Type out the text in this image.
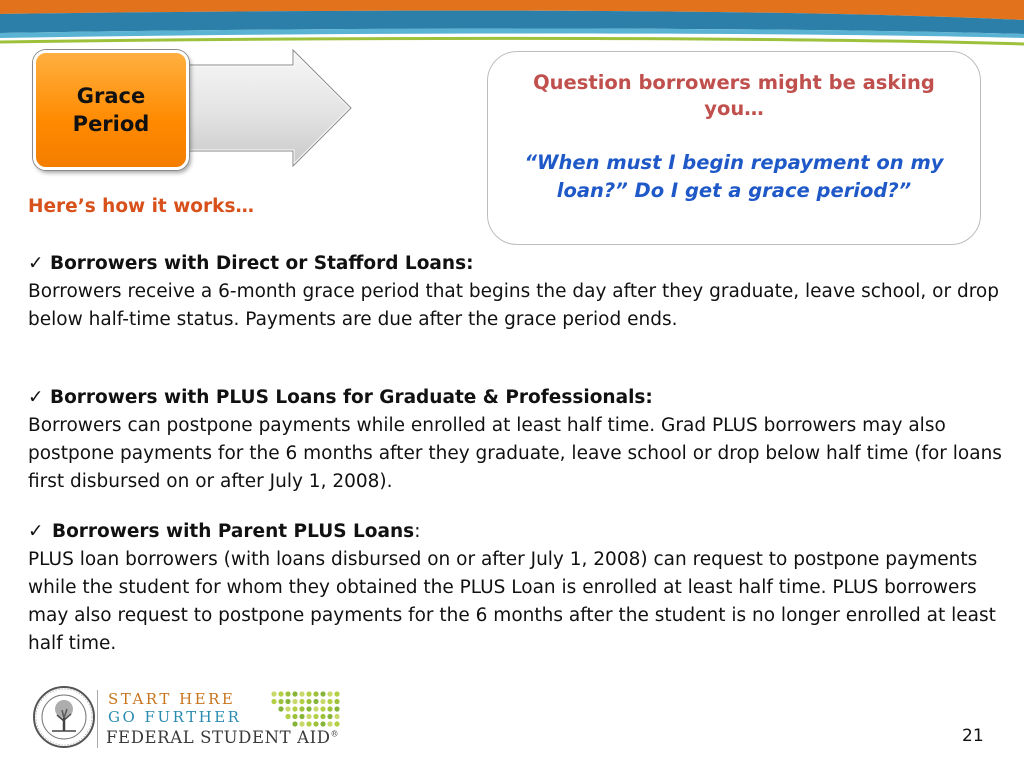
Grace Period
Question borrowers might be asking you…
“When must I begin repayment on my loan?” Do I get a grace period?”
Here’s how it works…
✓ Borrowers with Direct or Stafford Loans:

Borrowers receive a 6-month grace period that begins the day after they graduate, leave school, or drop below half-time status. Payments are due after the grace period ends.

✓ Borrowers with PLUS Loans for Graduate & Professionals:

Borrowers can postpone payments while enrolled at least half time. Grad PLUS borrowers may also postpone payments for the 6 months after they graduate, leave school or drop below half time (for loans first disbursed on or after July 1, 2008).

✓ Borrowers with Parent PLUS Loans:

PLUS loan borrowers (with loans disbursed on or after July 1, 2008) can request to postpone payments while the student for whom they obtained the PLUS Loan is enrolled at least half time. PLUS borrowers may also request to postpone payments for the 6 months after the student is no longer enrolled at least half time.

START HERE
GO FURTHER
FEDERAL STUDENT AID®	21
